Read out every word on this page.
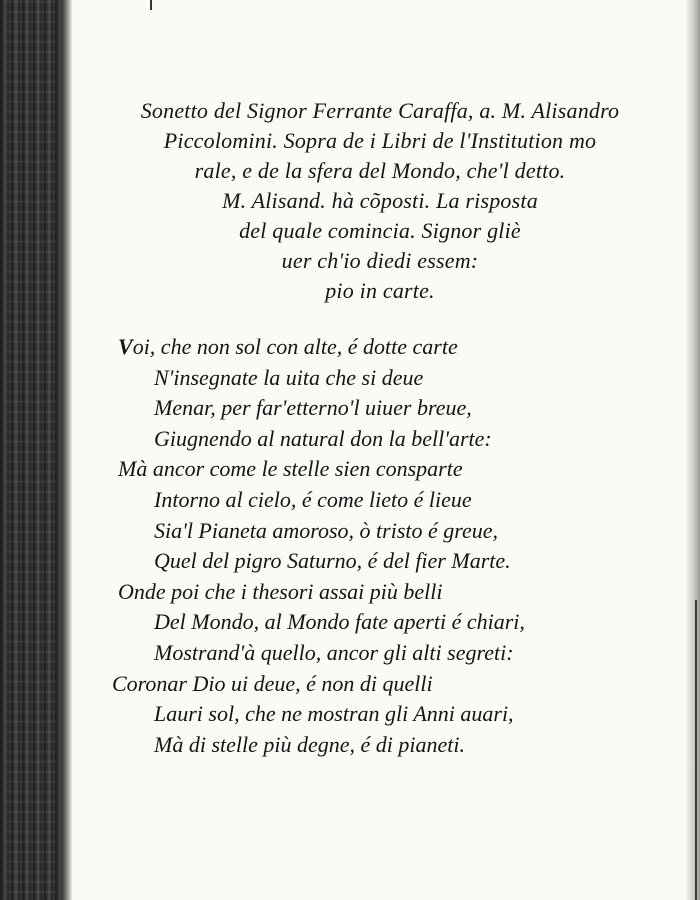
Sonetto del Signor Ferrante Caraffa, a. M. Alisandro
Piccolomini. Sopra de i Libri de l'Institution mo
rale, e de la sfera del Mondo, che'l detto.
M. Alisand. hà cõposti. La risposta
del quale comincia. Signor gliè
uer ch'io diedi essem:
pio in carte.
Voi, che non sol con alte, é dotte carte
N'insegnate la uita che si deue
Menar, per far'etterno'l uiuer breue,
Giugnendo al natural don la bell'arte:
Mà ancor come le stelle sien consparte
Intorno al cielo, é come lieto é lieue
Sia'l Pianeta amoroso, ò tristo é greue,
Quel del pigro Saturno, é del fier Marte.
Onde poi che i thesori assai più belli
Del Mondo, al Mondo fate aperti é chiari,
Mostrand'à quello, ancor gli alti segreti:
Coronar Dio ui deue, é non di quelli
Lauri sol, che ne mostran gli Anni auari,
Mà di stelle più degne, é di pianeti.
